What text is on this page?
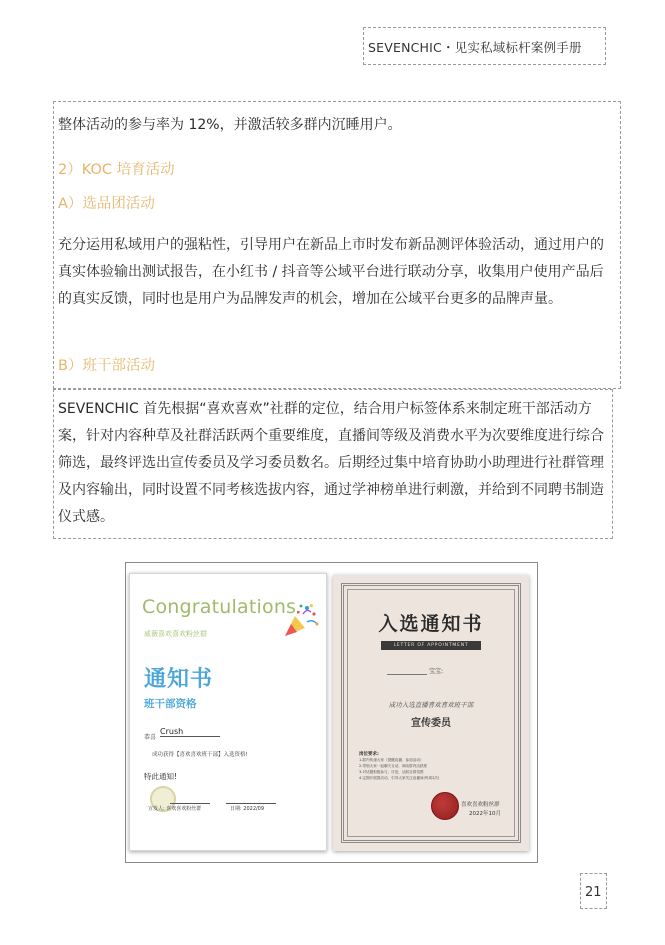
SEVENCHIC・见实私域标杆案例手册
整体活动的参与率为 12%，并激活较多群内沉睡用户。
2）KOC 培育活动
A）选品团活动
充分运用私域用户的强粘性，引导用户在新品上市时发布新品测评体验活动，通过用户的真实体验输出测试报告，在小红书 / 抖音等公域平台进行联动分享，收集用户使用产品后的真实反馈，同时也是用户为品牌发声的机会，增加在公域平台更多的品牌声量。
B）班干部活动
SEVENCHIC 首先根据“喜欢喜欢”社群的定位，结合用户标签体系来制定班干部活动方案，针对内容种草及社群活跃两个重要维度，直播间等级及消费水平为次要维度进行综合筛选，最终评选出宣传委员及学习委员数名。后期经过集中培育协助小助理进行社群管理及内容输出，同时设置不同考核选拔内容，通过学神榜单进行刺激，并给到不同聘书制造仪式感。
Congratulations
威薇喜欢喜欢粉丝群
通知书
班干部资格
恭喜
Crush
成功获得【喜欢喜欢班干部】入选资格!
特此通知!
宣发人: 喜欢喜欢粉丝群	日期: 2022/09
入选通知书
LETTER OF APPOINTMENT
宝宝:
成功入选直播喜欢喜欢班干部
宣传委员
岗位要求:
1.群内传递大家（提醒直播、参加活动）
2.带领大家一起聊天互动，调动群内活跃度
3.对话题积极参与、讨论，活跃社群氛围
4.定期开展群活动，引导大家关注直播间(每周2次)
喜欢喜欢粉丝群
2022年10月
21
